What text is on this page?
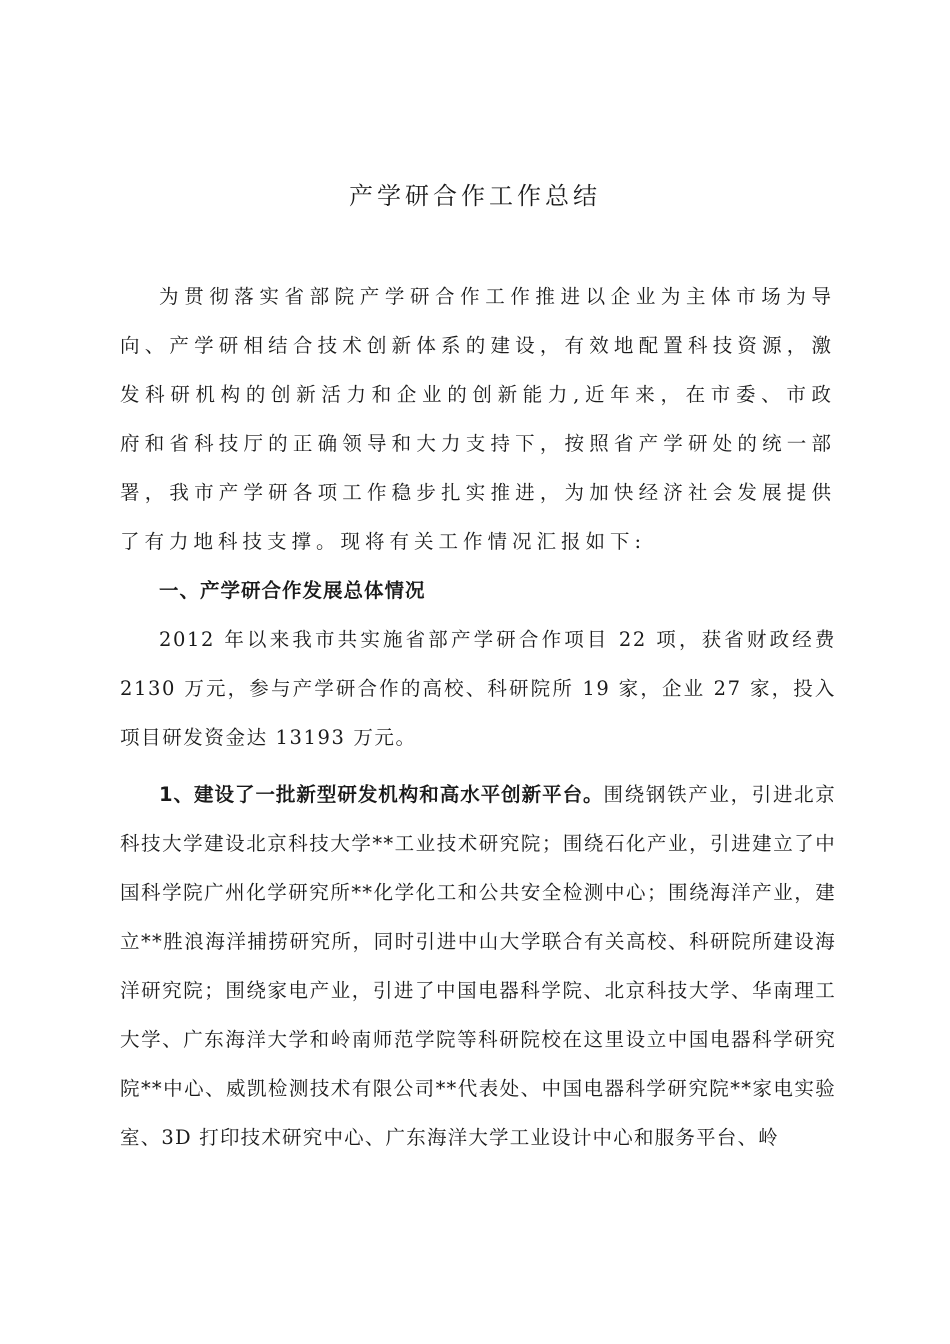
产学研合作工作总结

为贯彻落实省部院产学研合作工作推进以企业为主体市场为导向、产学研相结合技术创新体系的建设，有效地配置科技资源，激发科研机构的创新活力和企业的创新能力,近年来，在市委、市政府和省科技厅的正确领导和大力支持下，按照省产学研处的统一部署，我市产学研各项工作稳步扎实推进，为加快经济社会发展提供了有力地科技支撑。现将有关工作情况汇报如下:

一、产学研合作发展总体情况

2012 年以来我市共实施省部产学研合作项目 22 项，获省财政经费 2130 万元，参与产学研合作的高校、科研院所 19 家，企业 27 家，投入项目研发资金达 13193 万元。

1、建设了一批新型研发机构和高水平创新平台。围绕钢铁产业，引进北京科技大学建设北京科技大学**工业技术研究院；围绕石化产业，引进建立了中国科学院广州化学研究所**化学化工和公共安全检测中心；围绕海洋产业，建立**胜浪海洋捕捞研究所，同时引进中山大学联合有关高校、科研院所建设海洋研究院；围绕家电产业，引进了中国电器科学院、北京科技大学、华南理工大学、广东海洋大学和岭南师范学院等科研院校在这里设立中国电器科学研究院**中心、威凯检测技术有限公司**代表处、中国电器科学研究院**家电实验室、3D 打印技术研究中心、广东海洋大学工业设计中心和服务平台、岭
